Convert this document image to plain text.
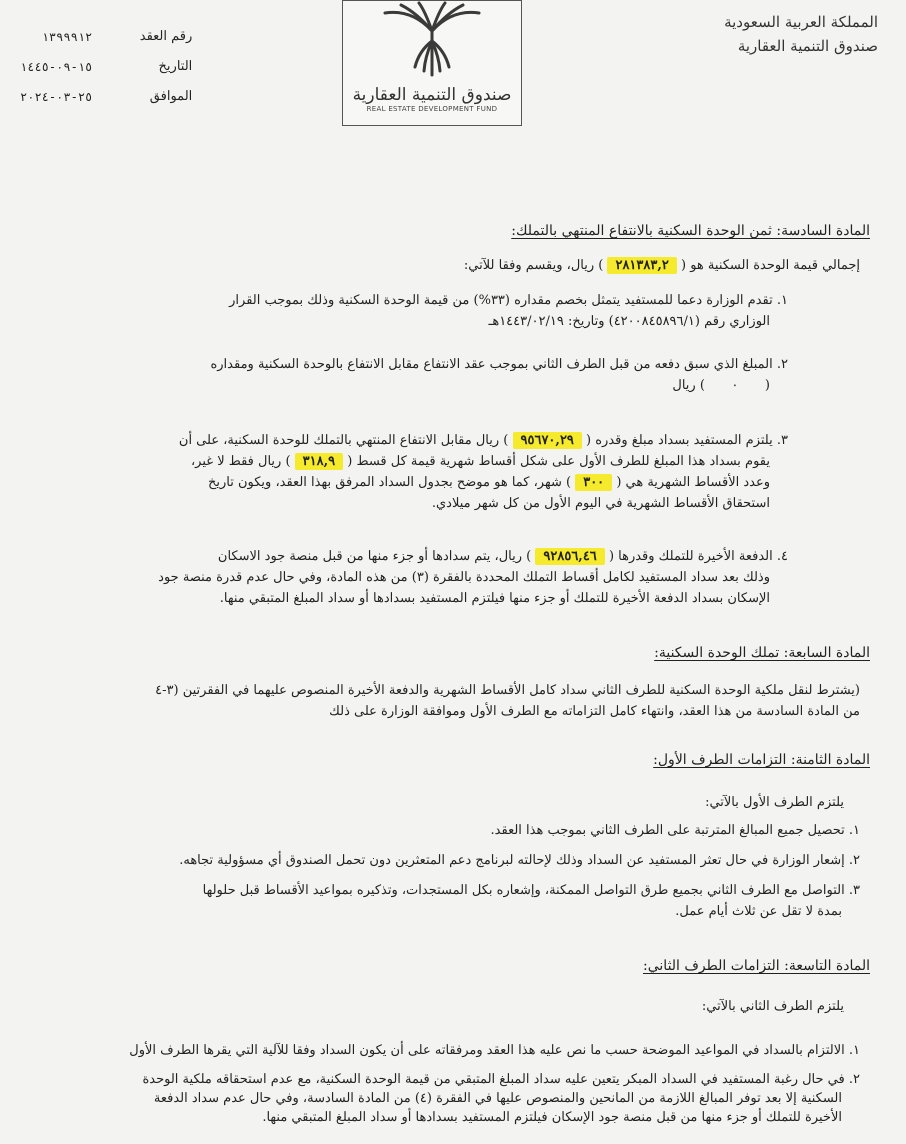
المملكة العربية السعودية
صندوق التنمية العقارية
صندوق التنمية العقارية
REAL ESTATE DEVELOPMENT FUND
رقم العقد
١٣٩٩٩١٢
التاريخ
١٥-٠٩-١٤٤٥
الموافق
٢٥-٠٣-٢٠٢٤
المادة السادسة: ثمن الوحدة السكنية بالانتفاع المنتهي بالتملك:
إجمالي قيمة الوحدة السكنية هو ( ٢٨١٣٨٣,٢ ) ريال، ويقسم وفقا للآتي:
١. تقدم الوزارة دعما للمستفيد يتمثل بخصم مقداره (٣٣%) من قيمة الوحدة السكنية وذلك بموجب القرار
الوزاري رقم (٤٢٠٠٨٤٥٨٩٦/١) وتاريخ: ١٤٤٣/٠٢/١٩هـ
٢. المبلغ الذي سبق دفعه من قبل الطرف الثاني بموجب عقد الانتفاع مقابل الانتفاع بالوحدة السكنية ومقداره
(٠) ريال
٣. يلتزم المستفيد بسداد مبلغ وقدره ( ٩٥٦٧٠,٢٩ ) ريال مقابل الانتفاع المنتهي بالتملك للوحدة السكنية، على أن
يقوم بسداد هذا المبلغ للطرف الأول على شكل أقساط شهرية قيمة كل قسط ( ٣١٨,٩ ) ريال فقط لا غير،
وعدد الأقساط الشهرية هي ( ٣٠٠ ) شهر، كما هو موضح بجدول السداد المرفق بهذا العقد، ويكون تاريخ
استحقاق الأقساط الشهرية في اليوم الأول من كل شهر ميلادي.
٤. الدفعة الأخيرة للتملك وقدرها ( ٩٢٨٥٦,٤٦ ) ريال، يتم سدادها أو جزء منها من قبل منصة جود الاسكان
وذلك بعد سداد المستفيد لكامل أقساط التملك المحددة بالفقرة (٣) من هذه المادة، وفي حال عدم قدرة منصة جود
الإسكان بسداد الدفعة الأخيرة للتملك أو جزء منها فيلتزم المستفيد بسدادها أو سداد المبلغ المتبقي منها.
المادة السابعة: تملك الوحدة السكنية:
(يشترط لنقل ملكية الوحدة السكنية للطرف الثاني سداد كامل الأقساط الشهرية والدفعة الأخيرة المنصوص عليهما في الفقرتين (٣-٤
من المادة السادسة من هذا العقد، وانتهاء كامل التزاماته مع الطرف الأول وموافقة الوزارة على ذلك
المادة الثامنة: التزامات الطرف الأول:
يلتزم الطرف الأول بالآتي:
١. تحصيل جميع المبالغ المترتبة على الطرف الثاني بموجب هذا العقد.
٢. إشعار الوزارة في حال تعثر المستفيد عن السداد وذلك لإحالته لبرنامج دعم المتعثرين دون تحمل الصندوق أي مسؤولية تجاهه.
٣. التواصل مع الطرف الثاني بجميع طرق التواصل الممكنة، وإشعاره بكل المستجدات، وتذكيره بمواعيد الأقساط قبل حلولها
بمدة لا تقل عن ثلاث أيام عمل.
المادة التاسعة: التزامات الطرف الثاني:
يلتزم الطرف الثاني بالآتي:
١. الالتزام بالسداد في المواعيد الموضحة حسب ما نص عليه هذا العقد ومرفقاته على أن يكون السداد وفقا للآلية التي يقرها الطرف الأول
٢. في حال رغبة المستفيد في السداد المبكر يتعين عليه سداد المبلغ المتبقي من قيمة الوحدة السكنية، مع عدم استحقاقه ملكية الوحدة
السكنية إلا بعد توفر المبالغ اللازمة من المانحين والمنصوص عليها في الفقرة (٤) من المادة السادسة، وفي حال عدم سداد الدفعة
الأخيرة للتملك أو جزء منها من قبل منصة جود الإسكان فيلتزم المستفيد بسدادها أو سداد المبلغ المتبقي منها.
